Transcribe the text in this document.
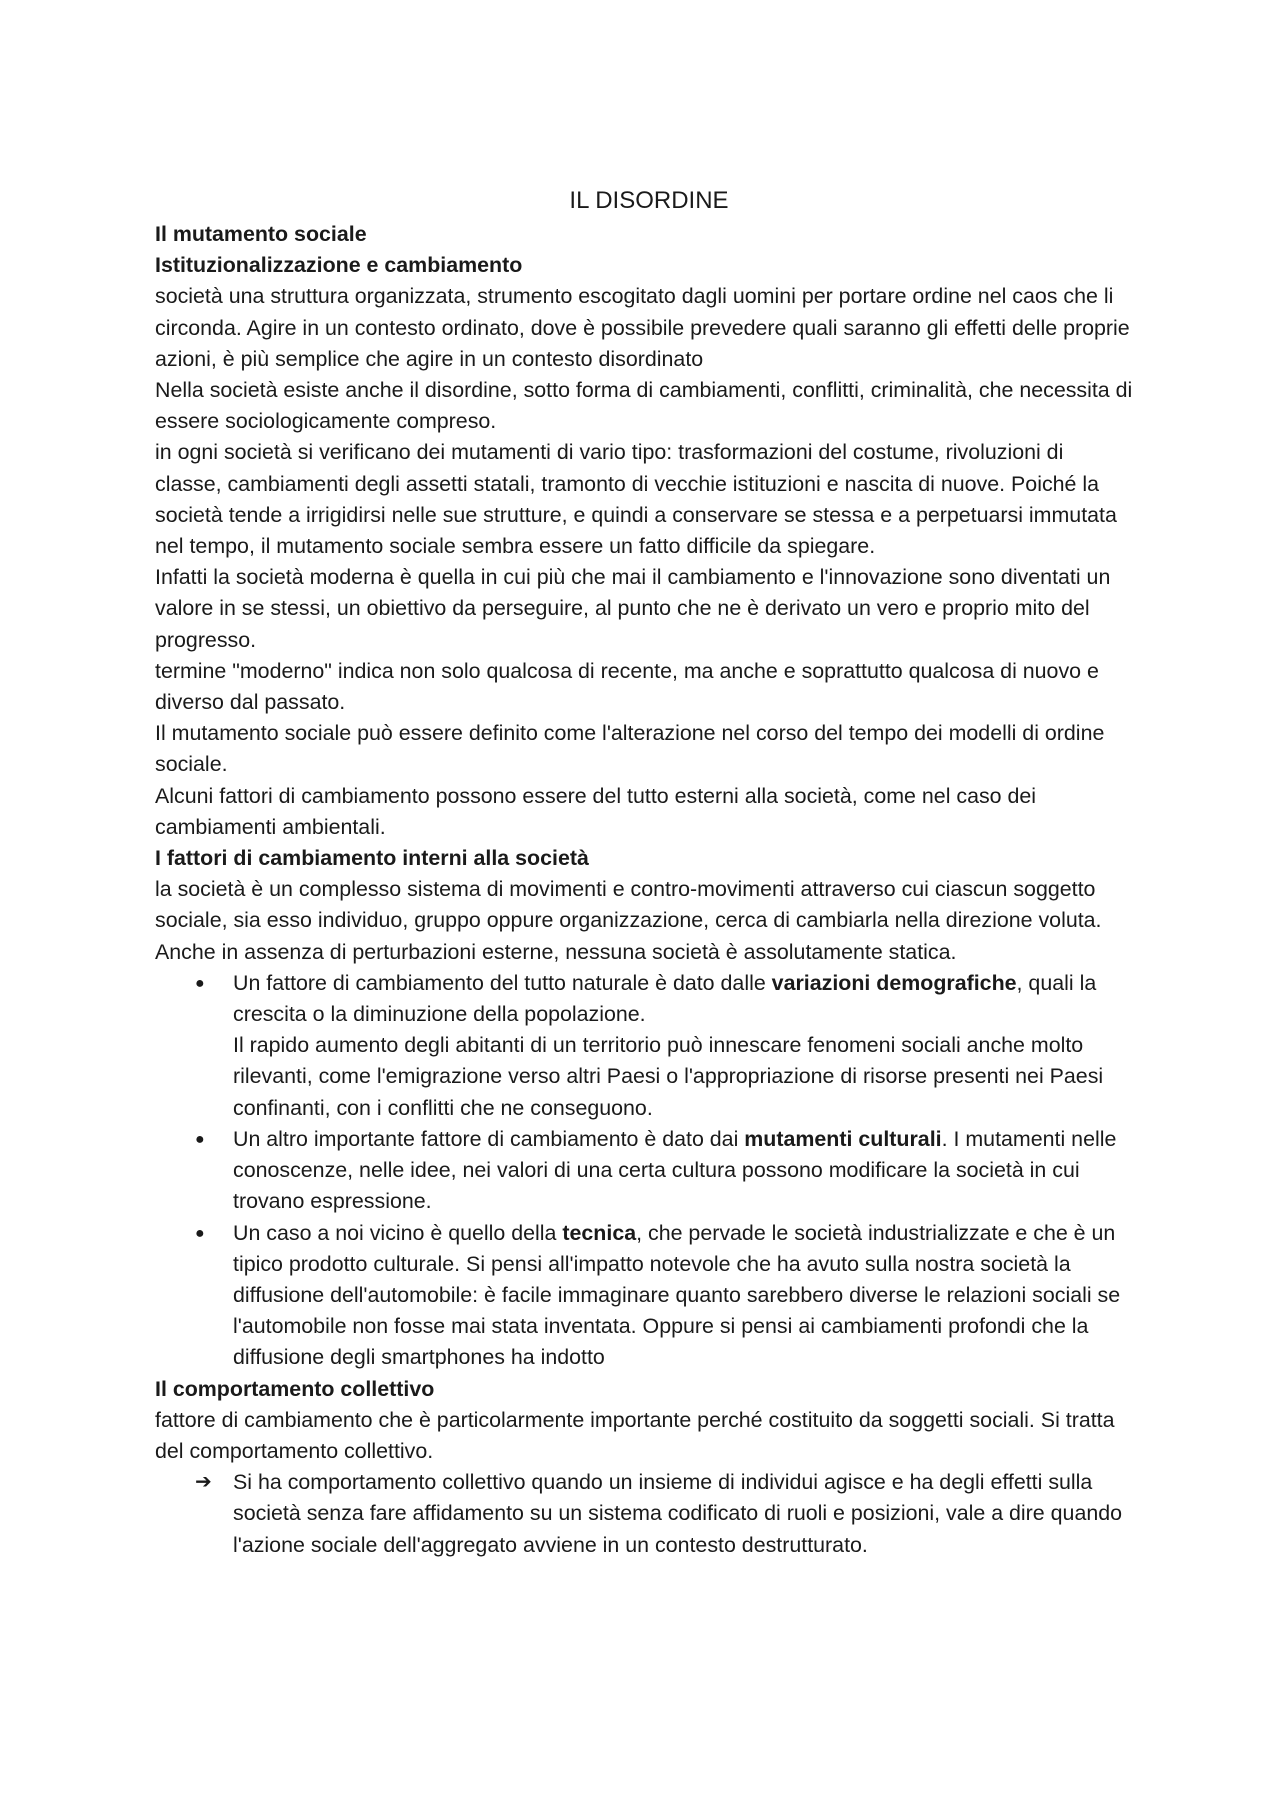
IL DISORDINE
Il mutamento sociale
Istituzionalizzazione e cambiamento

società una struttura organizzata, strumento escogitato dagli uomini per portare ordine nel caos che li circonda. Agire in un contesto ordinato, dove è possibile prevedere quali saranno gli effetti delle proprie azioni, è più semplice che agire in un contesto disordinato

Nella società esiste anche il disordine, sotto forma di cambiamenti, conflitti, criminalità, che necessita di essere sociologicamente compreso.

in ogni società si verificano dei mutamenti di vario tipo: trasformazioni del costume, rivoluzioni di classe, cambiamenti degli assetti statali, tramonto di vecchie istituzioni e nascita di nuove. Poiché la società tende a irrigidirsi nelle sue strutture, e quindi a conservare se stessa e a perpetuarsi immutata nel tempo, il mutamento sociale sembra essere un fatto difficile da spiegare.

Infatti la società moderna è quella in cui più che mai il cambiamento e l'innovazione sono diventati un valore in se stessi, un obiettivo da perseguire, al punto che ne è derivato un vero e proprio mito del progresso.

termine "moderno" indica non solo qualcosa di recente, ma anche e soprattutto qualcosa di nuovo e diverso dal passato.

Il mutamento sociale può essere definito come l'alterazione nel corso del tempo dei modelli di ordine sociale.

Alcuni fattori di cambiamento possono essere del tutto esterni alla società, come nel caso dei cambiamenti ambientali.

I fattori di cambiamento interni alla società

la società è un complesso sistema di movimenti e contro-movimenti attraverso cui ciascun soggetto sociale, sia esso individuo, gruppo oppure organizzazione, cerca di cambiarla nella direzione voluta. Anche in assenza di perturbazioni esterne, nessuna società è assolutamente statica.

●	Un fattore di cambiamento del tutto naturale è dato dalle variazioni demografiche, quali la crescita o la diminuzione della popolazione.
Il rapido aumento degli abitanti di un territorio può innescare fenomeni sociali anche molto rilevanti, come l'emigrazione verso altri Paesi o l'appropriazione di risorse presenti nei Paesi confinanti, con i conflitti che ne conseguono.
●	Un altro importante fattore di cambiamento è dato dai mutamenti culturali. I mutamenti nelle conoscenze, nelle idee, nei valori di una certa cultura possono modificare la società in cui trovano espressione.
●	Un caso a noi vicino è quello della tecnica, che pervade le società industrializzate e che è un tipico prodotto culturale. Si pensi all'impatto notevole che ha avuto sulla nostra società la diffusione dell'automobile: è facile immaginare quanto sarebbero diverse le relazioni sociali se l'automobile non fosse mai stata inventata. Oppure si pensi ai cambiamenti profondi che la diffusione degli smartphones ha indotto
Il comportamento collettivo

fattore di cambiamento che è particolarmente importante perché costituito da soggetti sociali. Si tratta del comportamento collettivo.

➔ Si ha comportamento collettivo quando un insieme di individui agisce e ha degli effetti sulla società senza fare affidamento su un sistema codificato di ruoli e posizioni, vale a dire quando l'azione sociale dell'aggregato avviene in un contesto destrutturato.
